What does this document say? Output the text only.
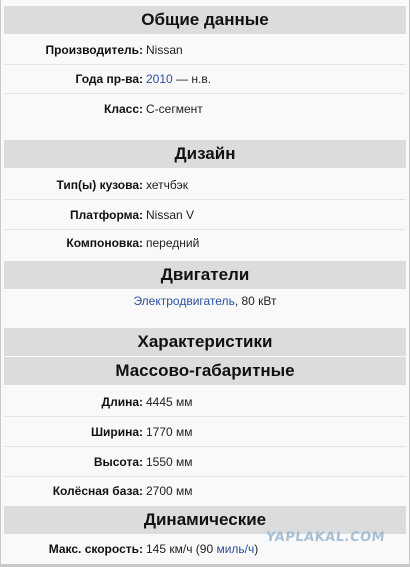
Общие данные
Производитель: Nissan
Года пр-ва: 2010 — н.в.
Класс: C-сегмент
Дизайн
Тип(ы) кузова: хетчбэк
Платформа: Nissan V
Компоновка: передний
Двигатели
Электродвигатель, 80 кВт
Характеристики
Массово-габаритные
Длина: 4445 мм
Ширина: 1770 мм
Высота: 1550 мм
Колёсная база: 2700 мм
Динамические
Макс. скорость: 145 км/ч (90 миль/ч)
YAPLAKAL.COM
